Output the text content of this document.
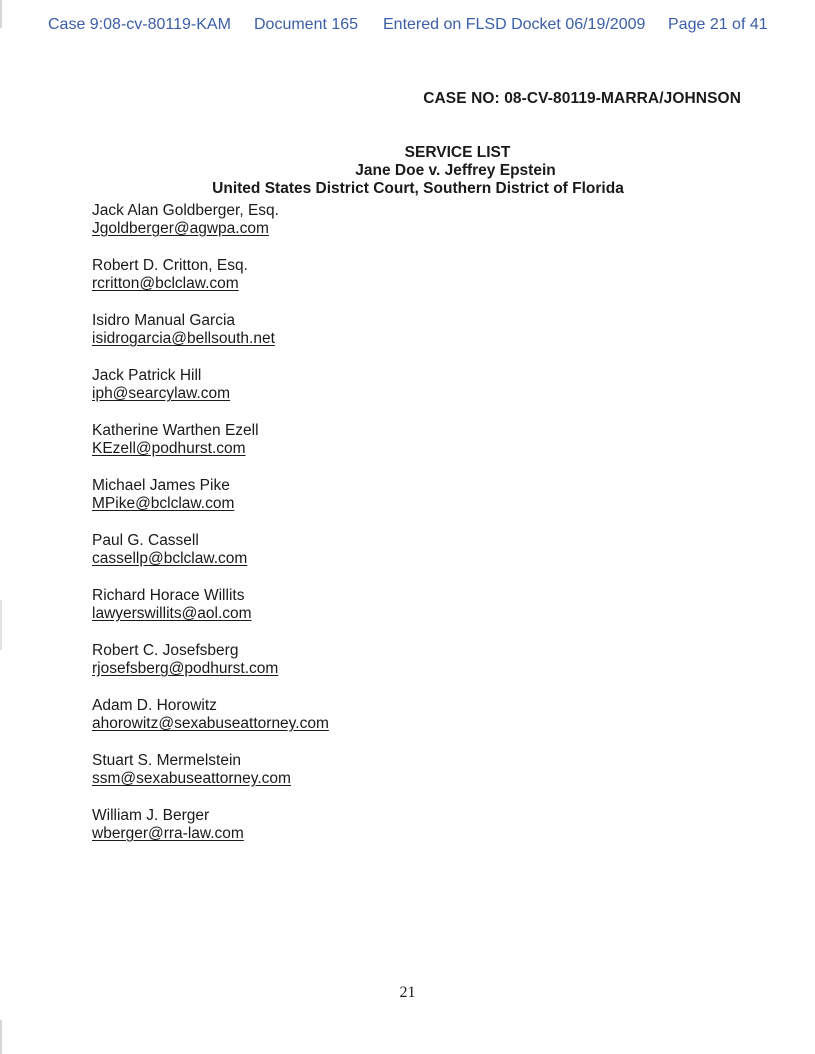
Case 9:08-cv-80119-KAM Document 165 Entered on FLSD Docket 06/19/2009 Page 21 of 41
CASE NO: 08-CV-80119-MARRA/JOHNSON
SERVICE LIST
Jane Doe v. Jeffrey Epstein
United States District Court, Southern District of Florida
Jack Alan Goldberger, Esq.
Jgoldberger@agwpa.com
Robert D. Critton, Esq.
rcritton@bclclaw.com
Isidro Manual Garcia
isidrogarcia@bellsouth.net
Jack Patrick Hill
iph@searcylaw.com
Katherine Warthen Ezell
KEzell@podhurst.com
Michael James Pike
MPike@bclclaw.com
Paul G. Cassell
cassellp@bclclaw.com
Richard Horace Willits
lawyerswillits@aol.com
Robert C. Josefsberg
rjosefsberg@podhurst.com
Adam D. Horowitz
ahorowitz@sexabuseattorney.com
Stuart S. Mermelstein
ssm@sexabuseattorney.com
William J. Berger
wberger@rra-law.com
21
